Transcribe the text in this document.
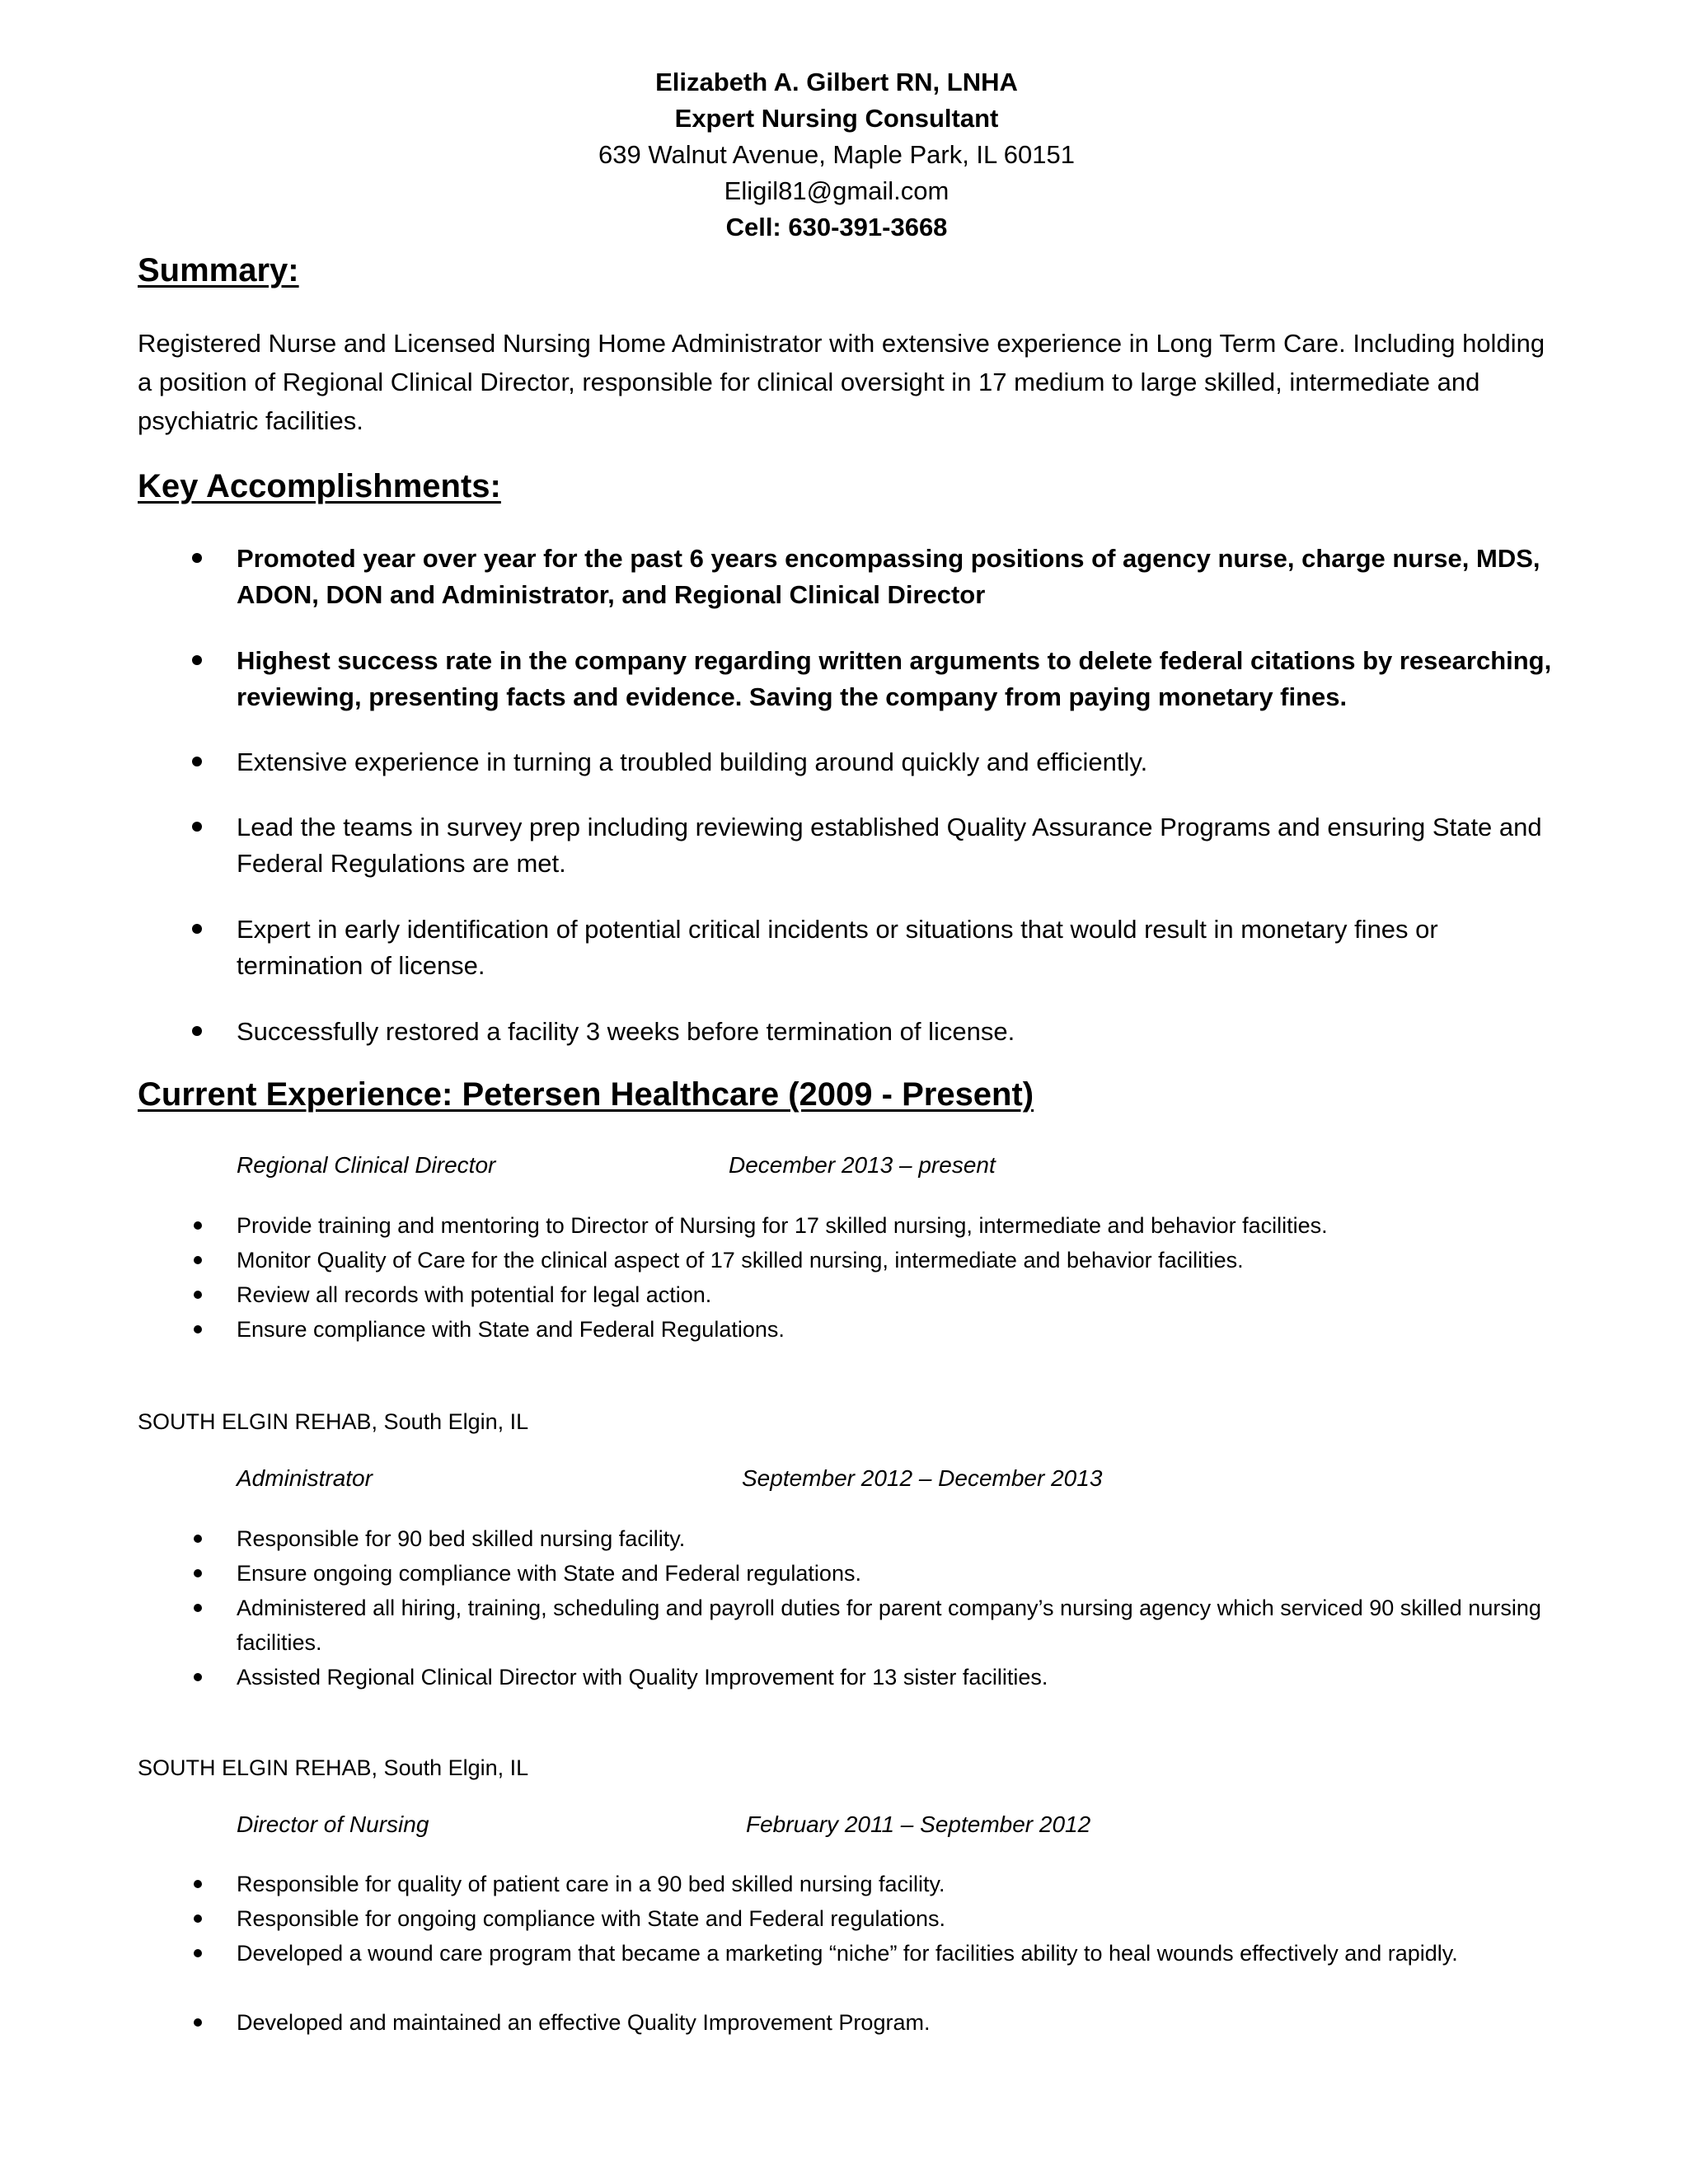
Elizabeth A. Gilbert RN, LNHA
Expert Nursing Consultant
639 Walnut Avenue, Maple Park, IL 60151
Eligil81@gmail.com
Cell: 630-391-3668
Summary:
Registered Nurse and Licensed Nursing Home Administrator with extensive experience in Long Term Care. Including holding a position of Regional Clinical Director, responsible for clinical oversight in 17 medium to large skilled, intermediate and psychiatric facilities.
Key Accomplishments:
Promoted year over year for the past 6 years encompassing positions of agency nurse, charge nurse, MDS, ADON, DON and Administrator, and Regional Clinical Director
Highest success rate in the company regarding written arguments to delete federal citations by researching, reviewing, presenting facts and evidence. Saving the company from paying monetary fines.
Extensive experience in turning a troubled building around quickly and efficiently.
Lead the teams in survey prep including reviewing established Quality Assurance Programs and ensuring State and Federal Regulations are met.
Expert in early identification of potential critical incidents or situations that would result in monetary fines or termination of license.
Successfully restored a facility 3 weeks before termination of license.
Current Experience: Petersen Healthcare (2009 - Present)
Regional Clinical Director	December 2013 – present
Provide training and mentoring to Director of Nursing for 17 skilled nursing, intermediate and behavior facilities.
Monitor Quality of Care for the clinical aspect of 17 skilled nursing, intermediate and behavior facilities.
Review all records with potential for legal action.
Ensure compliance with State and Federal Regulations.
SOUTH ELGIN REHAB, South Elgin, IL
Administrator	September 2012 – December 2013
Responsible for 90 bed skilled nursing facility.
Ensure ongoing compliance with State and Federal regulations.
Administered all hiring, training, scheduling and payroll duties for parent company’s nursing agency which serviced 90 skilled nursing facilities.
Assisted Regional Clinical Director with Quality Improvement for 13 sister facilities.
SOUTH ELGIN REHAB, South Elgin, IL
Director of Nursing	February 2011 – September 2012
Responsible for quality of patient care in a 90 bed skilled nursing facility.
Responsible for ongoing compliance with State and Federal regulations.
Developed a wound care program that became a marketing “niche” for facilities ability to heal wounds effectively and rapidly.
Developed and maintained an effective Quality Improvement Program.
